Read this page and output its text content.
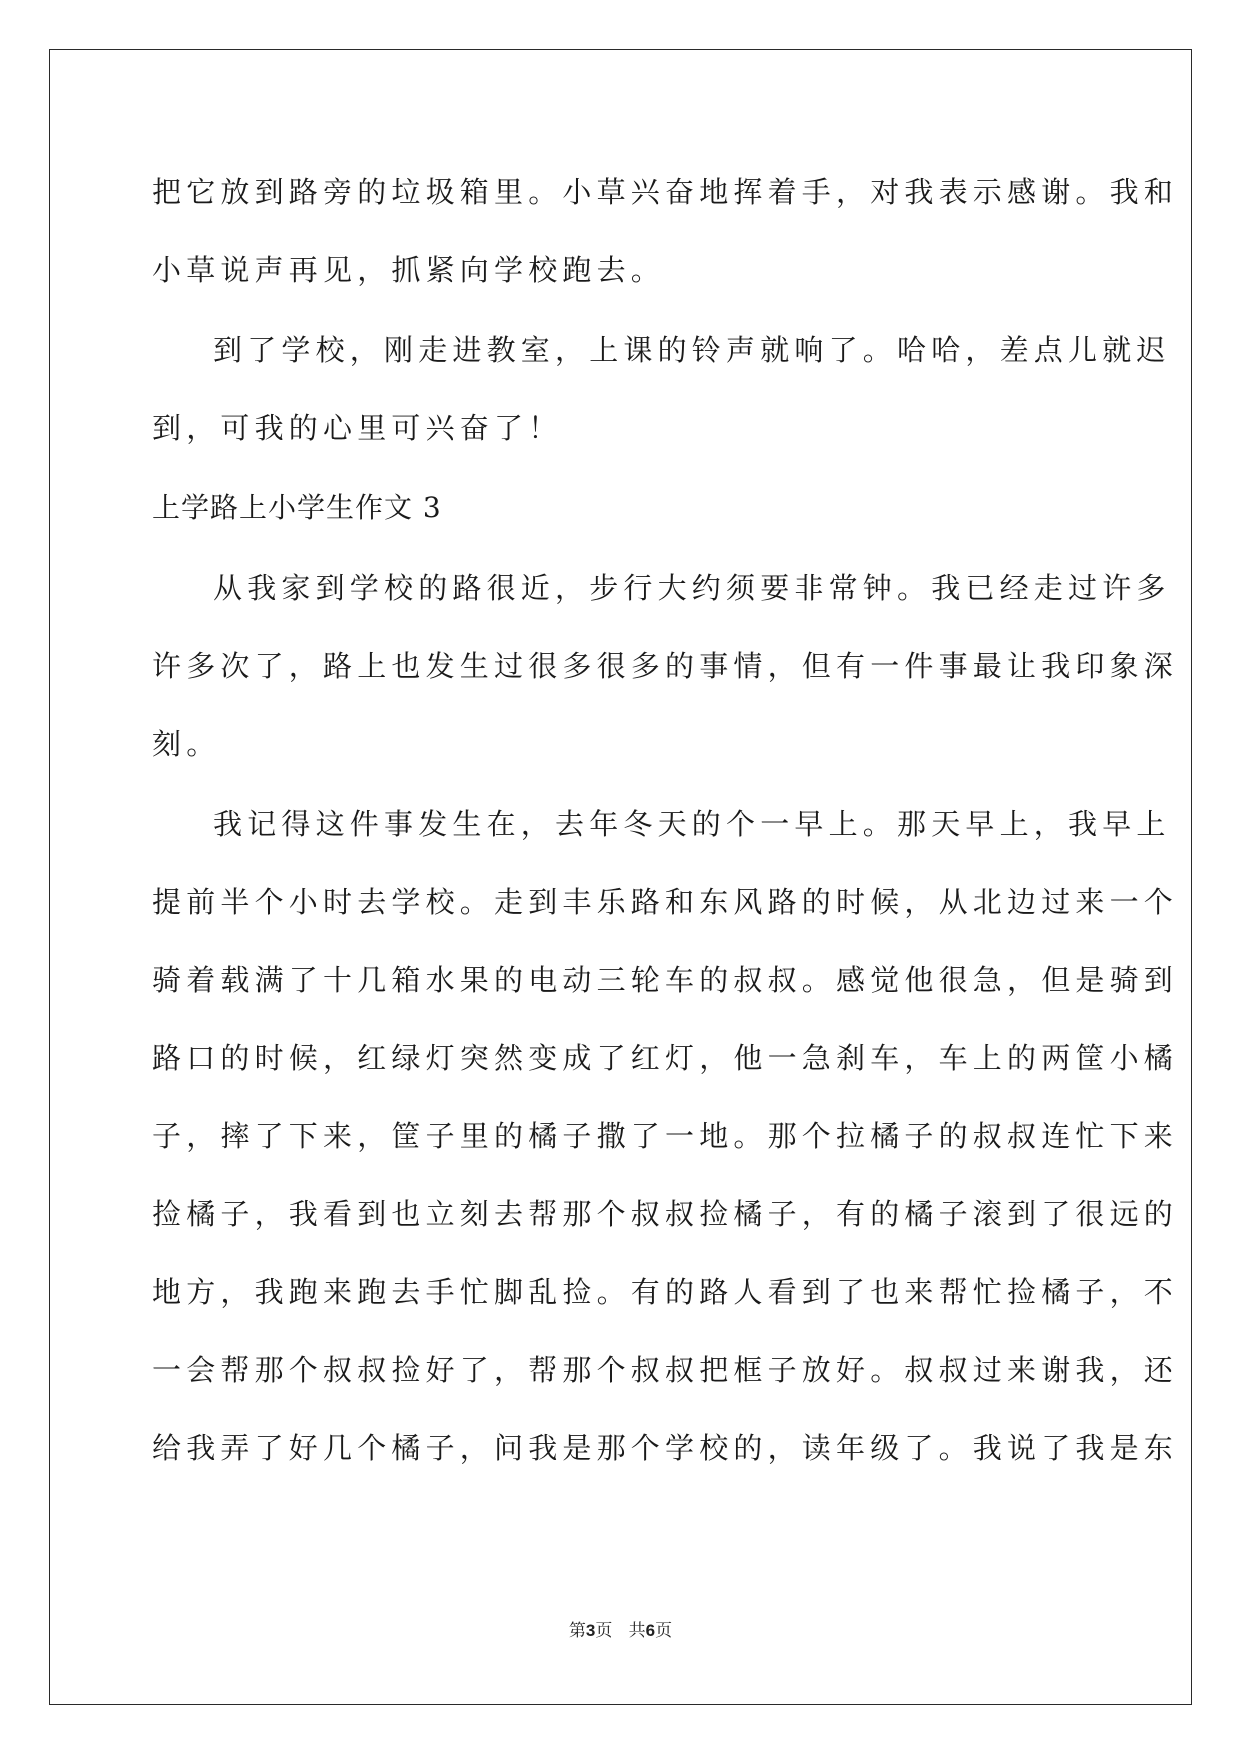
把它放到路旁的垃圾箱里。小草兴奋地挥着手，对我表示感谢。我和
小草说声再见，抓紧向学校跑去。
到了学校，刚走进教室，上课的铃声就响了。哈哈，差点儿就迟
到，可我的心里可兴奋了！
上学路上小学生作文 3
从我家到学校的路很近，步行大约须要非常钟。我已经走过许多
许多次了，路上也发生过很多很多的事情，但有一件事最让我印象深
刻。
我记得这件事发生在，去年冬天的个一早上。那天早上，我早上
提前半个小时去学校。走到丰乐路和东风路的时候，从北边过来一个
骑着载满了十几箱水果的电动三轮车的叔叔。感觉他很急，但是骑到
路口的时候，红绿灯突然变成了红灯，他一急刹车，车上的两筐小橘
子，摔了下来，筐子里的橘子撒了一地。那个拉橘子的叔叔连忙下来
捡橘子，我看到也立刻去帮那个叔叔捡橘子，有的橘子滚到了很远的
地方，我跑来跑去手忙脚乱捡。有的路人看到了也来帮忙捡橘子，不
一会帮那个叔叔捡好了，帮那个叔叔把框子放好。叔叔过来谢我，还
给我弄了好几个橘子，问我是那个学校的，读年级了。我说了我是东
第3页 共6页
